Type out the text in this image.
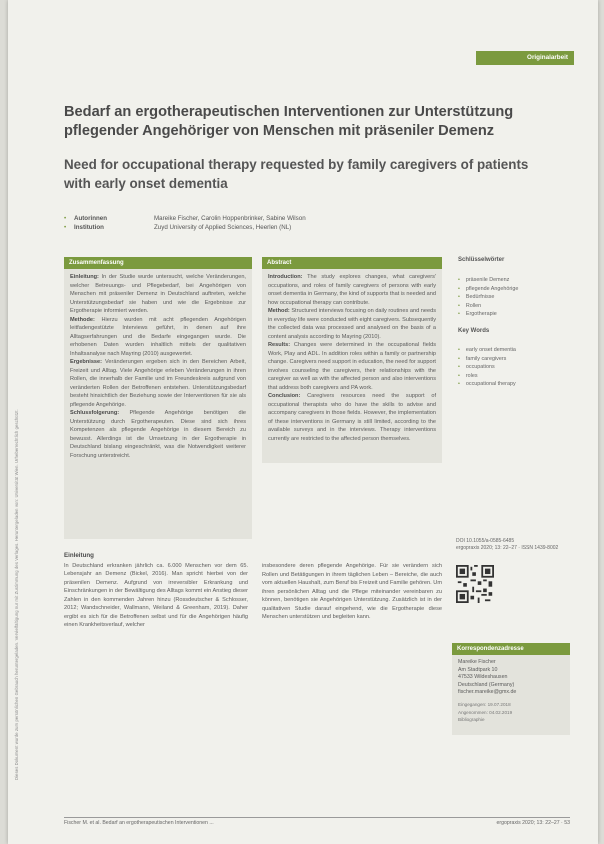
Dieses Dokument wurde zum persönlichen Gebrauch heruntergeladen. Vervielfältigung nur mit Zustimmung des Verlages. Heruntergeladen von: Universität Wien. Urheberrechtlich geschützt.
Originalarbeit
Bedarf an ergotherapeutischen Interventionen zur Unterstützung pflegender Angehöriger von Menschen mit präseniler Demenz
Need for occupational therapy requested by family caregivers of patients with early onset dementia
•	Autorinnen	Mareike Fischer, Carolin Hoppenbrinker, Sabine Wilson
•	Institution	Zuyd University of Applied Sciences, Heerlen (NL)
Zusammenfassung

Einleitung: In der Studie wurde untersucht, welche Veränderungen, welcher Betreuungs- und Pflegebedarf, bei Angehörigen von Menschen mit präseniler Demenz in Deutschland auftreten, welche Unterstützungsbedarf sie haben und wie die Ergebnisse zur Ergotherapie informiert werden.

Methode: Hierzu wurden mit acht pflegenden Angehörigen leitfadengestützte Interviews geführt, in denen auf ihre Alltagserfahrungen und die Bedarfe eingegangen wurde. Die erhobenen Daten wurden inhaltlich mittels der qualitativen Inhaltsanalyse nach Mayring (2010) ausgewertet.

Ergebnisse: Veränderungen ergeben sich in den Bereichen Arbeit, Freizeit und Alltag. Viele Angehörige erleben Veränderungen in ihren Rollen, die innerhalb der Familie und im Freundeskreis aufgrund von veränderten Rollen der Betroffenen entstehen. Unterstützungsbedarf besteht hinsichtlich der Beziehung sowie der Interventionen für sie als pflegende Angehörige.

Schlussfolgerung: Pflegende Angehörige benötigen die Unterstützung durch Ergotherapeuten. Diese sind sich ihres Kompetenzen als pflegende Angehörige in diesem Bereich zu bewusst. Allerdings ist die Umsetzung in der Ergotherapie in Deutschland bislang eingeschränkt, was die Notwendigkeit weiterer Forschung unterstreicht.

Abstract

Introduction: The study explores changes, what caregivers' occupations, and roles of family caregivers of persons with early onset dementia in Germany, the kind of supports that is needed and how occupational therapy can contribute.

Method: Structured interviews focusing on daily routines and needs in everyday life were conducted with eight caregivers. Subsequently the collected data was processed and analysed on the basis of a content analysis according to Mayring (2010).

Results: Changes were determined in the occupational fields Work, Play and ADL. In addition roles within a family or partnership change. Caregivers need support in education, the need for support involves counseling the caregivers, their relationships with the caregiver as well as with the affected person and also interventions that address both caregivers and PA work.

Conclusion: Caregivers resources need the support of occupational therapists who do have the skills to advise and accompany caregivers in those fields. However, the implementation of these interventions in Germany is still limited, according to the available surveys and in the interviews. Therapy interventions currently are restricted to the affected person themselves.

Schlüsselwörter
• präsenile Demenz
• pflegende Angehörige
• Bedürfnisse
• Rollen
• Ergotherapie
Key Words
• early onset dementia
• family caregivers
• occupations
• roles
• occupational therapy
DOI 10.1055/a-0585-6485
ergopraxis 2020; 13: 22–27 · ISSN 1439-8002
Korrespondenzadresse
Mareike Fischer
Am Stadtpark 10
47533 Wildeshausen
Deutschland (Germany)
fischer.mareike@gmx.de
Eingegangen: 19.07.2018
Angenommen: 04.02.2019
Bibliographie
Einleitung
In Deutschland erkranken jährlich ca. 6.000 Menschen vor dem 65. Lebensjahr an Demenz (Bickel, 2016). Man spricht hierbei von der präsenilen Demenz. Aufgrund von irreversibler Erkrankung und Einschränkungen in der Bewältigung des Alltags kommt ein Anstieg dieser Zahlen in den kommenden Jahren hinzu (Rossdeutscher & Schlosser, 2012; Wandschneider, Wallmann, Weiland & Greenham, 2019). Daher ergibt es sich für die Betroffenen selbst und für die Angehörigen häufig einen Krankheitsverlauf, welcher
insbesondere deren pflegende Angehörige. Für sie verändern sich Rollen und Betätigungen in ihrem täglichen Leben – Bereiche, die auch vom aktuellen Haushalt, zum Beruf bis Freizeit und Familie gehören. Um ihren persönlichen Alltag und die Pflege miteinander vereinbaren zu können, benötigen sie Angehörigen Unterstützung. Zusätzlich ist in der qualitativen Studie darauf eingehend, wie die Ergotherapie diese Menschen unterstützen und begleiten kann.
Fischer M. et al. Bedarf an ergotherapeutischen Interventionen ...	ergopraxis 2020; 13: 22–27 · 53
